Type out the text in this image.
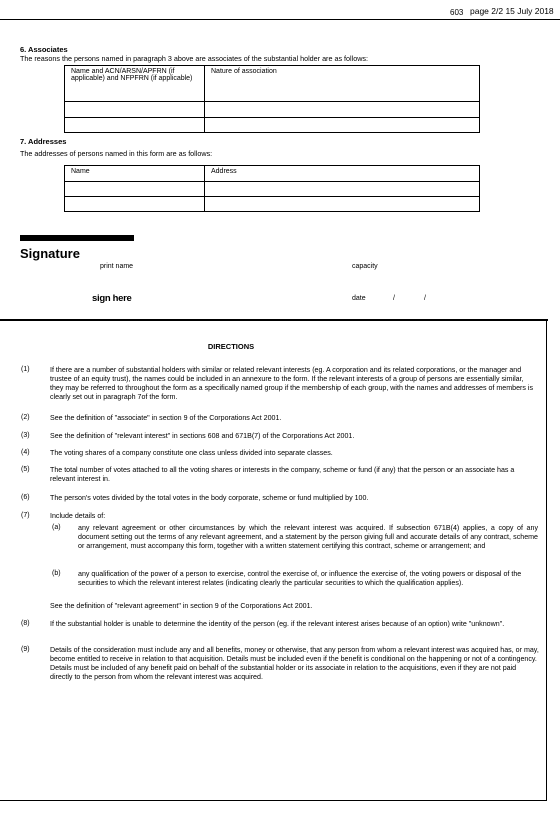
603 page 2/2 15 July 2018
6. Associates
The reasons the persons named in paragraph 3 above are associates of the substantial holder are as follows:
Name and ACN/ARSN/APFRN (if applicable) and NFPFRN (if applicable)	Nature of association

7. Addresses
The addresses of persons named in this form are as follows:
Name	Address

Signature
print name	capacity
sign here	date	/	/
DIRECTIONS
(1)	If there are a number of substantial holders with similar or related relevant interests (eg. A corporation and its related corporations, or the manager and trustee of an equity trust), the names could be included in an annexure to the form. If the relevant interests of a group of persons are essentially similar, they may be referred to throughout the form as a specifically named group if the membership of each group, with the names and addresses of members is clearly set out in paragraph 7of the form.
(2)	See the definition of "associate" in section 9 of the Corporations Act 2001.
(3)	See the definition of "relevant interest" in sections 608 and 671B(7) of the Corporations Act 2001.
(4)	The voting shares of a company constitute one class unless divided into separate classes.
(5)	The total number of votes attached to all the voting shares or interests in the company, scheme or fund (if any) that the person or an associate has a relevant interest in.
(6)	The person's votes divided by the total votes in the body corporate, scheme or fund multiplied by 100.
(7)	Include details of:
(a) any relevant agreement or other circumstances by which the relevant interest was acquired. If subsection 671B(4) applies, a copy of any document setting out the terms of any relevant agreement, and a statement by the person giving full and accurate details of any contract, scheme or arrangement, must accompany this form, together with a written statement certifying this contract, scheme or arrangement; and
(b) any qualification of the power of a person to exercise, control the exercise of, or influence the exercise of, the voting powers or disposal of the securities to which the relevant interest relates (indicating clearly the particular securities to which the qualification applies).
See the definition of "relevant agreement" in section 9 of the Corporations Act 2001.
(8)	If the substantial holder is unable to determine the identity of the person (eg. if the relevant interest arises because of an option) write "unknown".
(9)	Details of the consideration must include any and all benefits, money or otherwise, that any person from whom a relevant interest was acquired has, or may, become entitled to receive in relation to that acquisition. Details must be included even if the benefit is conditional on the happening or not of a contingency. Details must be included of any benefit paid on behalf of the substantial holder or its associate in relation to the acquisitions, even if they are not paid directly to the person from whom the relevant interest was acquired.
